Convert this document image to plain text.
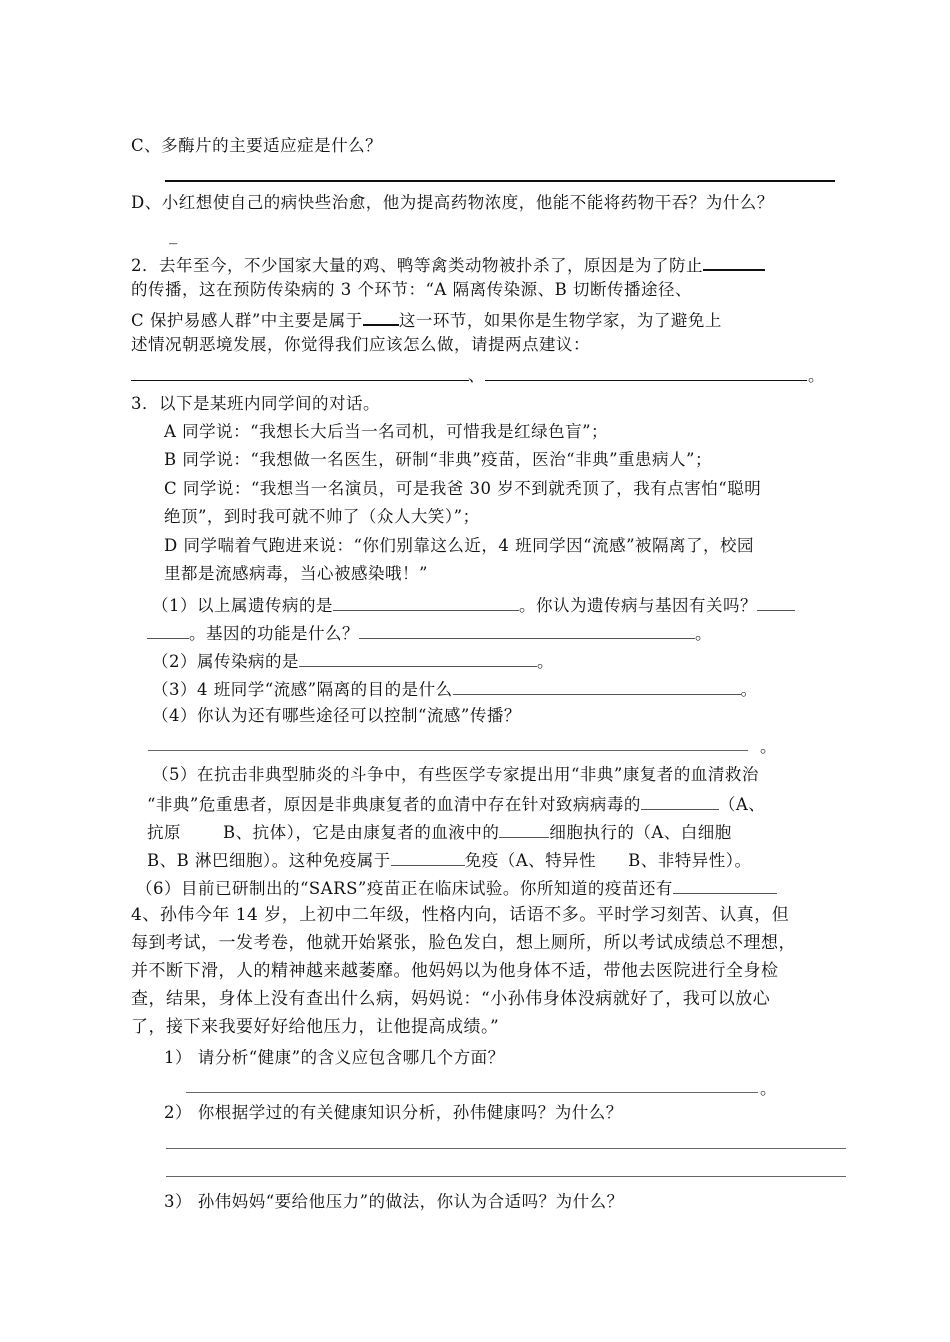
C、多酶片的主要适应症是什么？
D、小红想使自己的病快些治愈，他为提高药物浓度，他能不能将药物干吞？为什么？
_
2．去年至今，不少国家大量的鸡、鸭等禽类动物被扑杀了，原因是为了防止
的传播，这在预防传染病的 3 个环节：“A 隔离传染源、B 切断传播途径、
C 保护易感人群”中主要是属于 这一环节，如果你是生物学家，为了避免上
述情况朝恶境发展，你觉得我们应该怎么做，请提两点建议：
、	。
3．以下是某班内同学间的对话。
A 同学说：“我想长大后当一名司机，可惜我是红绿色盲”；
B 同学说：“我想做一名医生，研制“非典”疫苗，医治“非典”重患病人”；
C 同学说：“我想当一名演员，可是我爸 30 岁不到就秃顶了，我有点害怕“聪明
绝顶”，到时我可就不帅了（众人大笑）”；
D 同学喘着气跑进来说：“你们别靠这么近，4 班同学因“流感”被隔离了，校园
里都是流感病毒，当心被感染哦！”
（1）以上属遗传病的是	。你认为遗传病与基因有关吗？
。基因的功能是什么？	。
（2）属传染病的是	。
（3）4 班同学“流感”隔离的目的是什么	。
（4）你认为还有哪些途径可以控制“流感”传播？
。
（5）在抗击非典型肺炎的斗争中，有些医学专家提出用“非典”康复者的血清救治
“非典”危重患者，原因是非典康复者的血清中存在针对致病病毒的	（A、
抗原	B、抗体），它是由康复者的血液中的	细胞执行的（A、白细胞
B、B 淋巴细胞）。这种免疫属于	免疫（A、特异性 B、非特异性）。
（6）目前已研制出的“SARS”疫苗正在临床试验。你所知道的疫苗还有
4、孙伟今年 14 岁，上初中二年级，性格内向，话语不多。平时学习刻苦、认真，但
每到考试，一发考卷，他就开始紧张，脸色发白，想上厕所，所以考试成绩总不理想，
并不断下滑，人的精神越来越萎靡。他妈妈以为他身体不适，带他去医院进行全身检
查，结果，身体上没有查出什么病，妈妈说：“小孙伟身体没病就好了，我可以放心
了，接下来我要好好给他压力，让他提高成绩。”
1） 请分析“健康”的含义应包含哪几个方面？
。
2） 你根据学过的有关健康知识分析，孙伟健康吗？为什么？
3） 孙伟妈妈“要给他压力”的做法，你认为合适吗？为什么？
